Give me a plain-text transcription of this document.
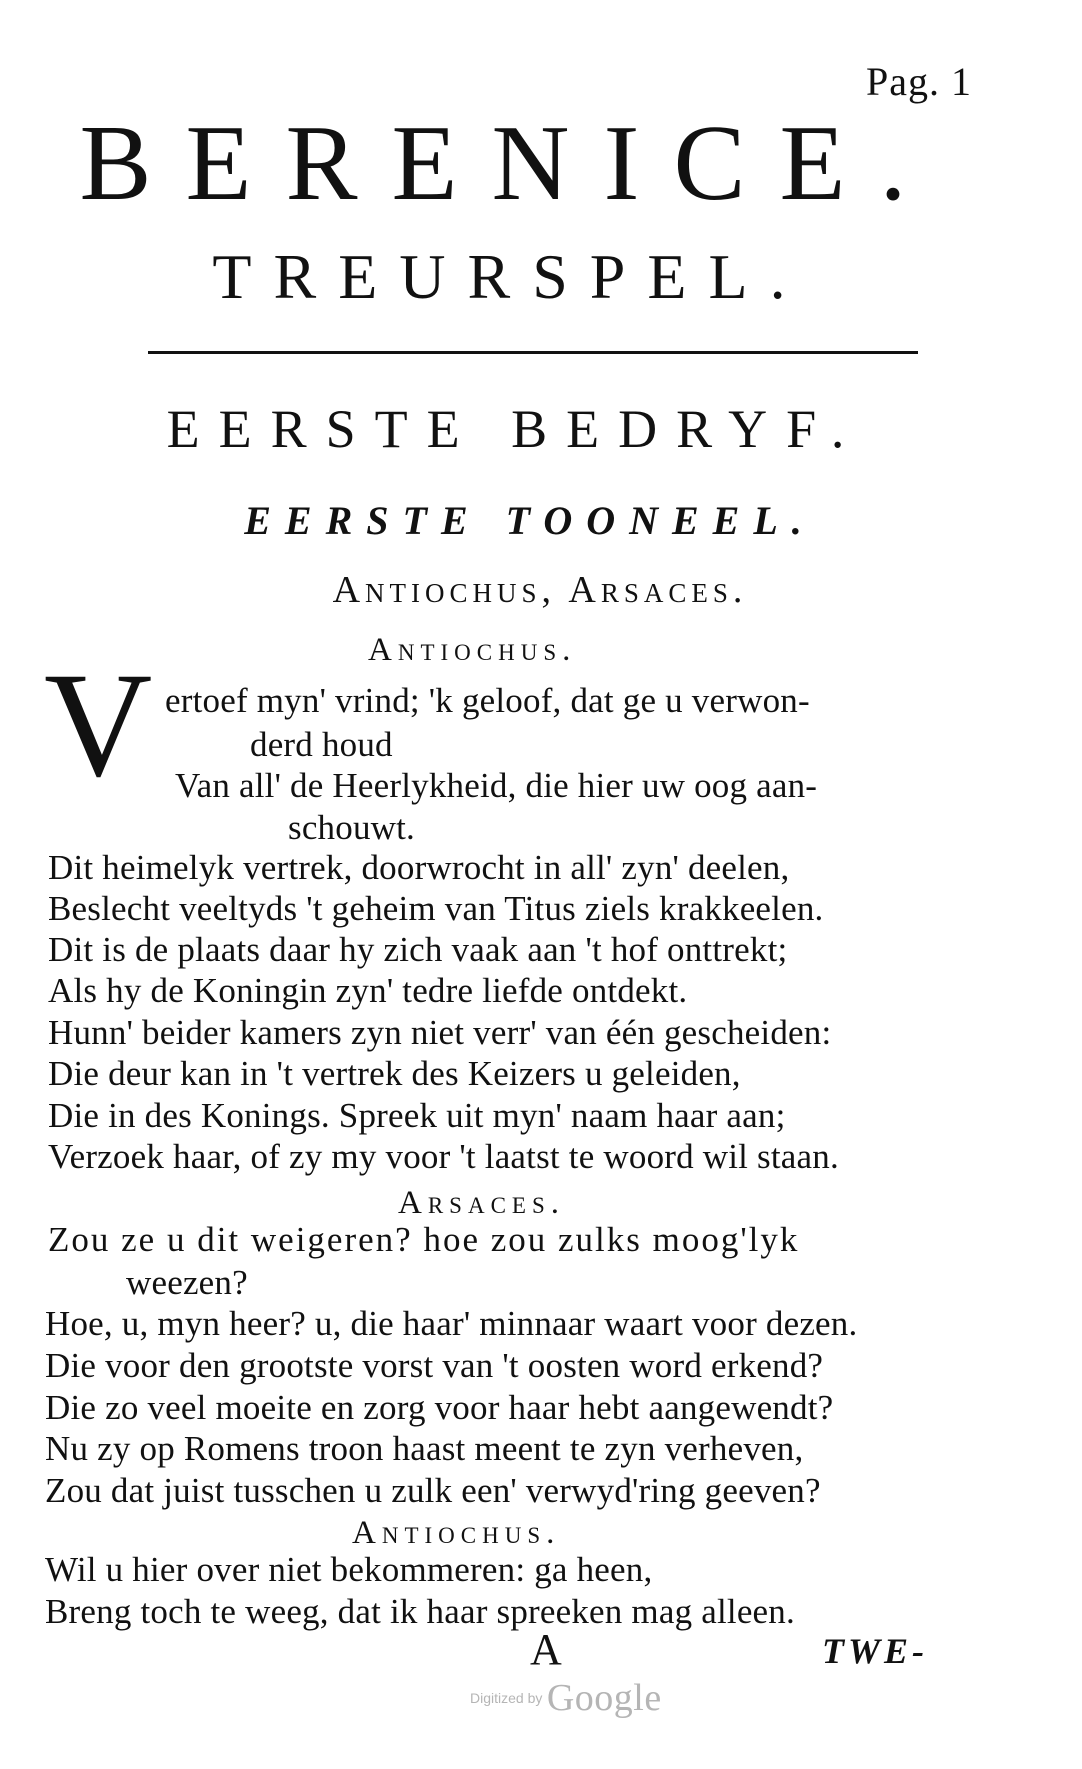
Pag. 1
BERENICE.
TREURSPEL.
EERSTE BEDRYF.
EERSTE TOONEEL.
Antiochus, Arsaces.
Antiochus.
V ertoef myn' vrind; 'k geloof, dat ge u verwon-
derd houd
Van all' de Heerlykheid, die hier uw oog aan-
schouwt.
Dit heimelyk vertrek, doorwrocht in all' zyn' deelen,
Beslecht veeltyds 't geheim van Titus ziels krakkeelen.
Dit is de plaats daar hy zich vaak aan 't hof onttrekt;
Als hy de Koningin zyn' tedre liefde ontdekt.
Hunn' beider kamers zyn niet verr' van één gescheiden:
Die deur kan in 't vertrek des Keizers u geleiden,
Die in des Konings. Spreek uit myn' naam haar aan;
Verzoek haar, of zy my voor 't laatst te woord wil staan.
Arsaces.
Zou ze u dit weigeren? hoe zou zulks moog'lyk
weezen?
Hoe, u, myn heer? u, die haar' minnaar waart voor dezen.
Die voor den grootste vorst van 't oosten word erkend?
Die zo veel moeite en zorg voor haar hebt aangewendt?
Nu zy op Romens troon haast meent te zyn verheven,
Zou dat juist tusschen u zulk een' verwyd'ring geeven?
Antiochus.
Wil u hier over niet bekommeren: ga heen,
Breng toch te weeg, dat ik haar spreeken mag alleen.
A	TWE-
Digitized by Google
